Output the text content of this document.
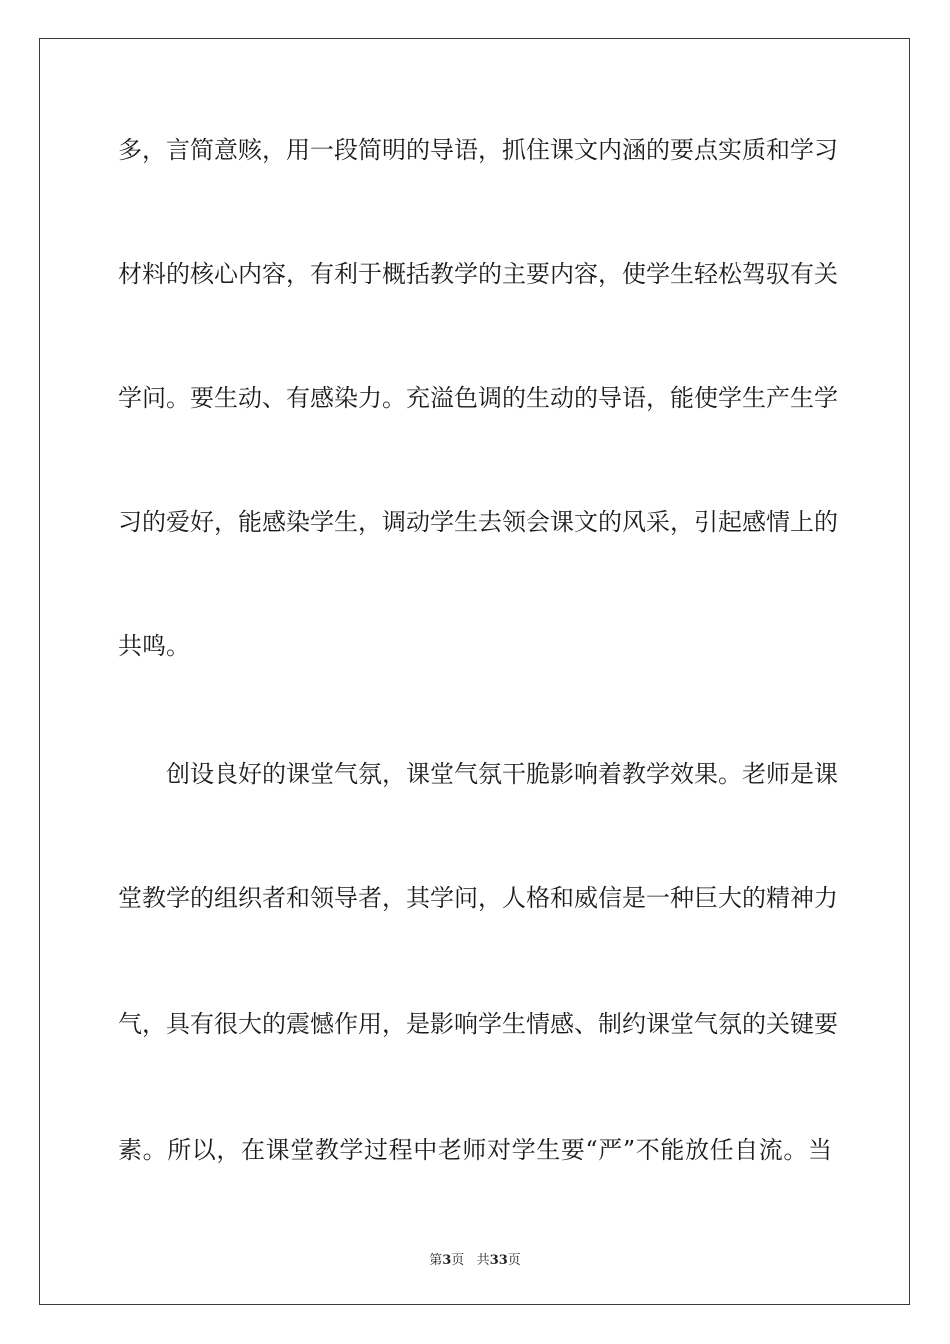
多，言简意赅，用一段简明的导语，抓住课文内涵的要点实质和学习
材料的核心内容，有利于概括教学的主要内容，使学生轻松驾驭有关
学问。要生动、有感染力。充溢色调的生动的导语，能使学生产生学
习的爱好，能感染学生，调动学生去领会课文的风采，引起感情上的
共鸣。
创设良好的课堂气氛，课堂气氛干脆影响着教学效果。老师是课
堂教学的组织者和领导者，其学问，人格和威信是一种巨大的精神力
气，具有很大的震憾作用，是影响学生情感、制约课堂气氛的关键要
素。所以，在课堂教学过程中老师对学生要“严”不能放任自流。当
第3页 共33页
